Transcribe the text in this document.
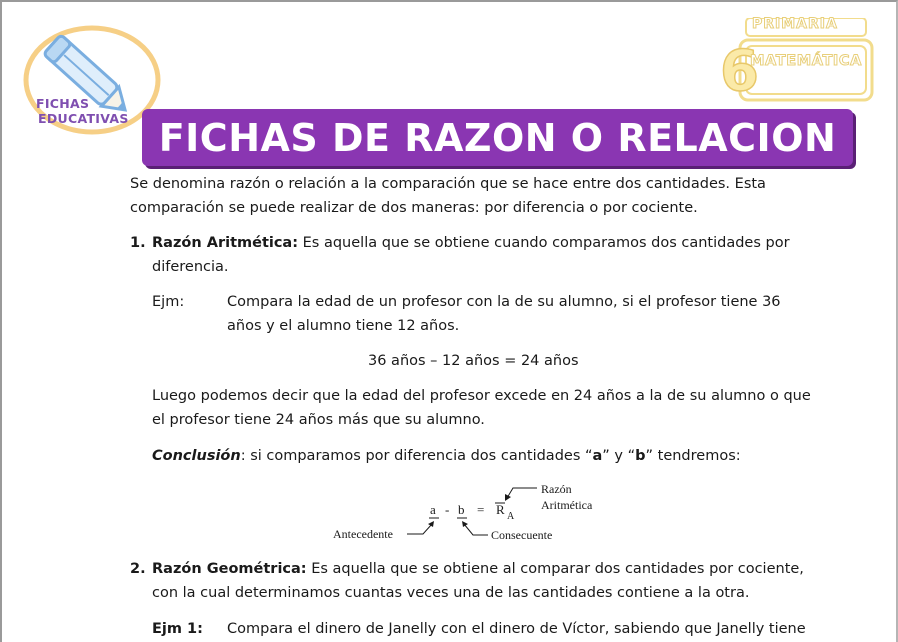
FICHAS
EDUCATIVAS
6
PRIMARIA
MATEMÁTICA
FICHAS DE RAZON O RELACION
Se denomina razón o relación a la comparación que se hace entre dos cantidades. Esta
comparación se puede realizar de dos maneras: por diferencia o por cociente.
1. Razón Aritmética: Es aquella que se obtiene cuando comparamos dos cantidades por
diferencia.
Ejm:	Compara la edad de un profesor con la de su alumno, si el profesor tiene 36
años y el alumno tiene 12 años.
36 años – 12 años = 24 años
Luego podemos decir que la edad del profesor excede en 24 años a la de su alumno o que
el profesor tiene 24 años más que su alumno.
Conclusión: si comparamos por diferencia dos cantidades “a” y “b” tendremos:
a - b = R A
Razón
Aritmética
Antecedente	Consecuente
2. Razón Geométrica: Es aquella que se obtiene al comparar dos cantidades por cociente,
con la cual determinamos cuantas veces una de las cantidades contiene a la otra.
Ejm 1: Compara el dinero de Janelly con el dinero de Víctor, sabiendo que Janelly tiene
